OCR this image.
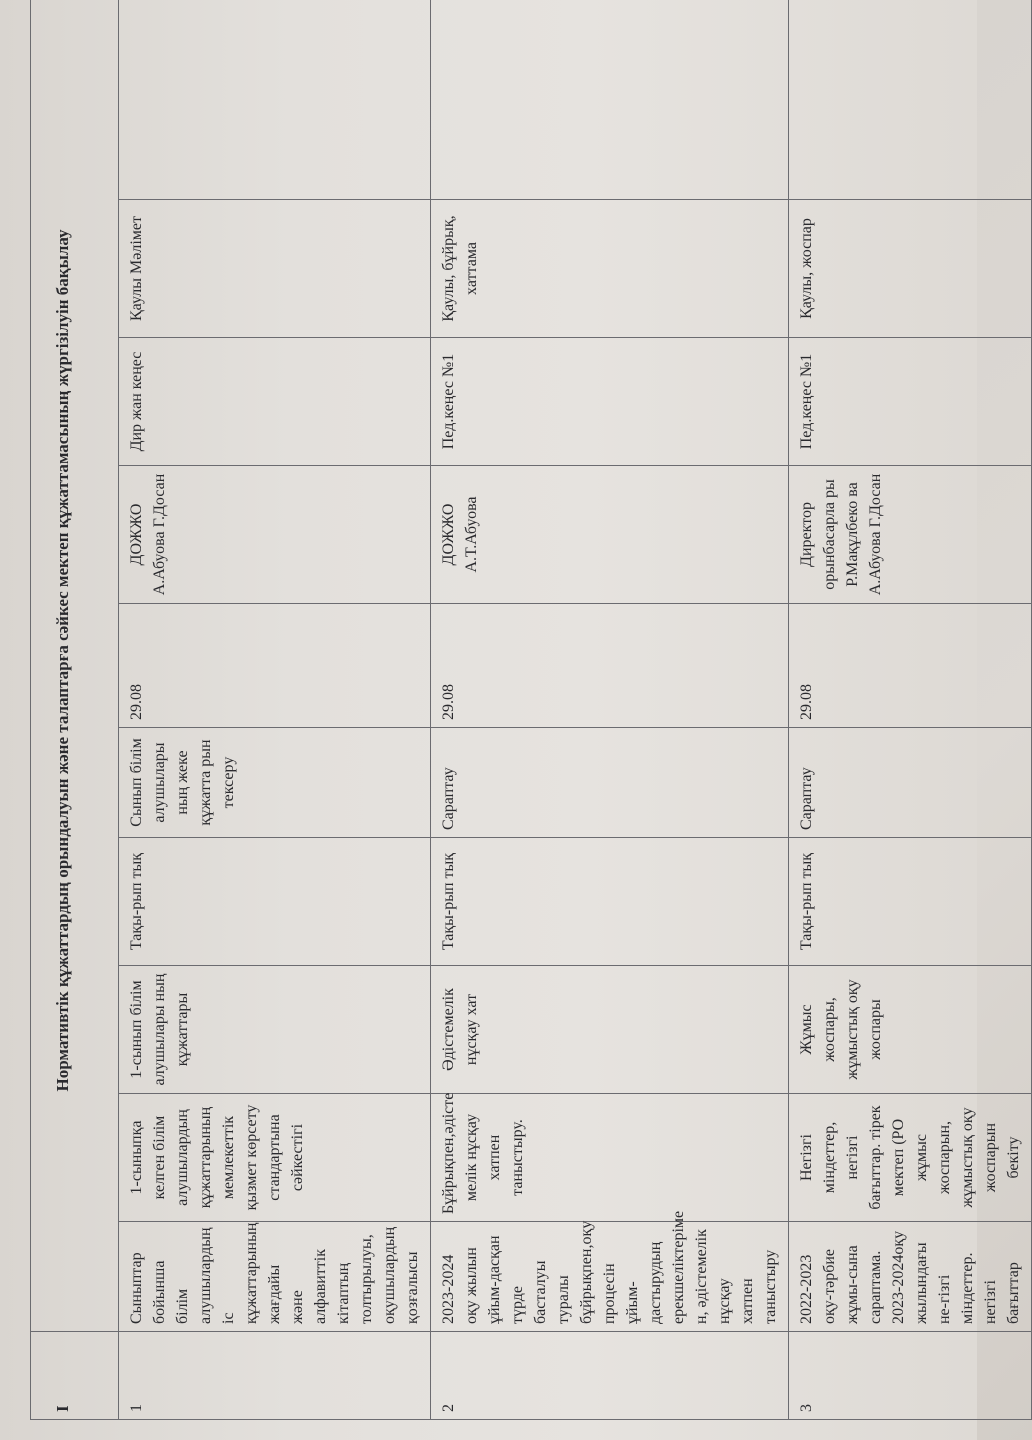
I	Нормативтік құжаттардың орындалуын және талаптарға сәйкес мектеп құжаттамасының жүргізілуін бақылау									
1	Сыныптар бойынша білім алушылардың іс құжаттарының жағдайы және алфавиттік кітаптың толтырылуы, оқушылардың қозғалысы	1-сыныпқа келген білім алушылардың құжаттарының мемлекеттік қызмет көрсету стандартына сәйкестігі	1-сынып білім алушылары ның құжаттары	Тақы-рып тық	Сынып білім алушылары ның жеке құжатта рын тексеру	29.08	ДОЖЖО А.Абуова Г.Досан	Дир жан кеңес	Қаулы Мәлімет	
2	2023-2024 оқу жылын ұйым-дасқан түрде басталуы туралы бұйрықпен,оқу процесін ұйым-дастырудың ерекшеліктеріме н, әдістемелік нұсқау хатпен таныстыру	Бұйрықпен,әдісте мелік нұсқау хатпен таныстыру.	Әдістемелік нұсқау хат	Тақы-рып тық	Сараптау	29.08	ДОЖЖО А.Т.Абуова	Пед.кеңес №1	Қаулы, бұйрық, хаттама	
3	2022-2023 оқу-тәрбие жұмы-сына сараптама. 2023-2024оқу жылындағы не-гізгі міндеттер. негізгі бағыттар	Негізгі міндеттер, негізгі бағыттар. тірек мектеп (РО жұмыс жоспарын, жұмыстық оқу жоспарын бекіту	Жұмыс жоспары, жұмыстық оқу жоспары	Тақы-рып тық	Сараптау	29.08	Директор орынбасарла ры Р.Мақұлбеко ва А.Абуова Г.Досан	Пед.кеңес №1	Қаулы, жоспар	
